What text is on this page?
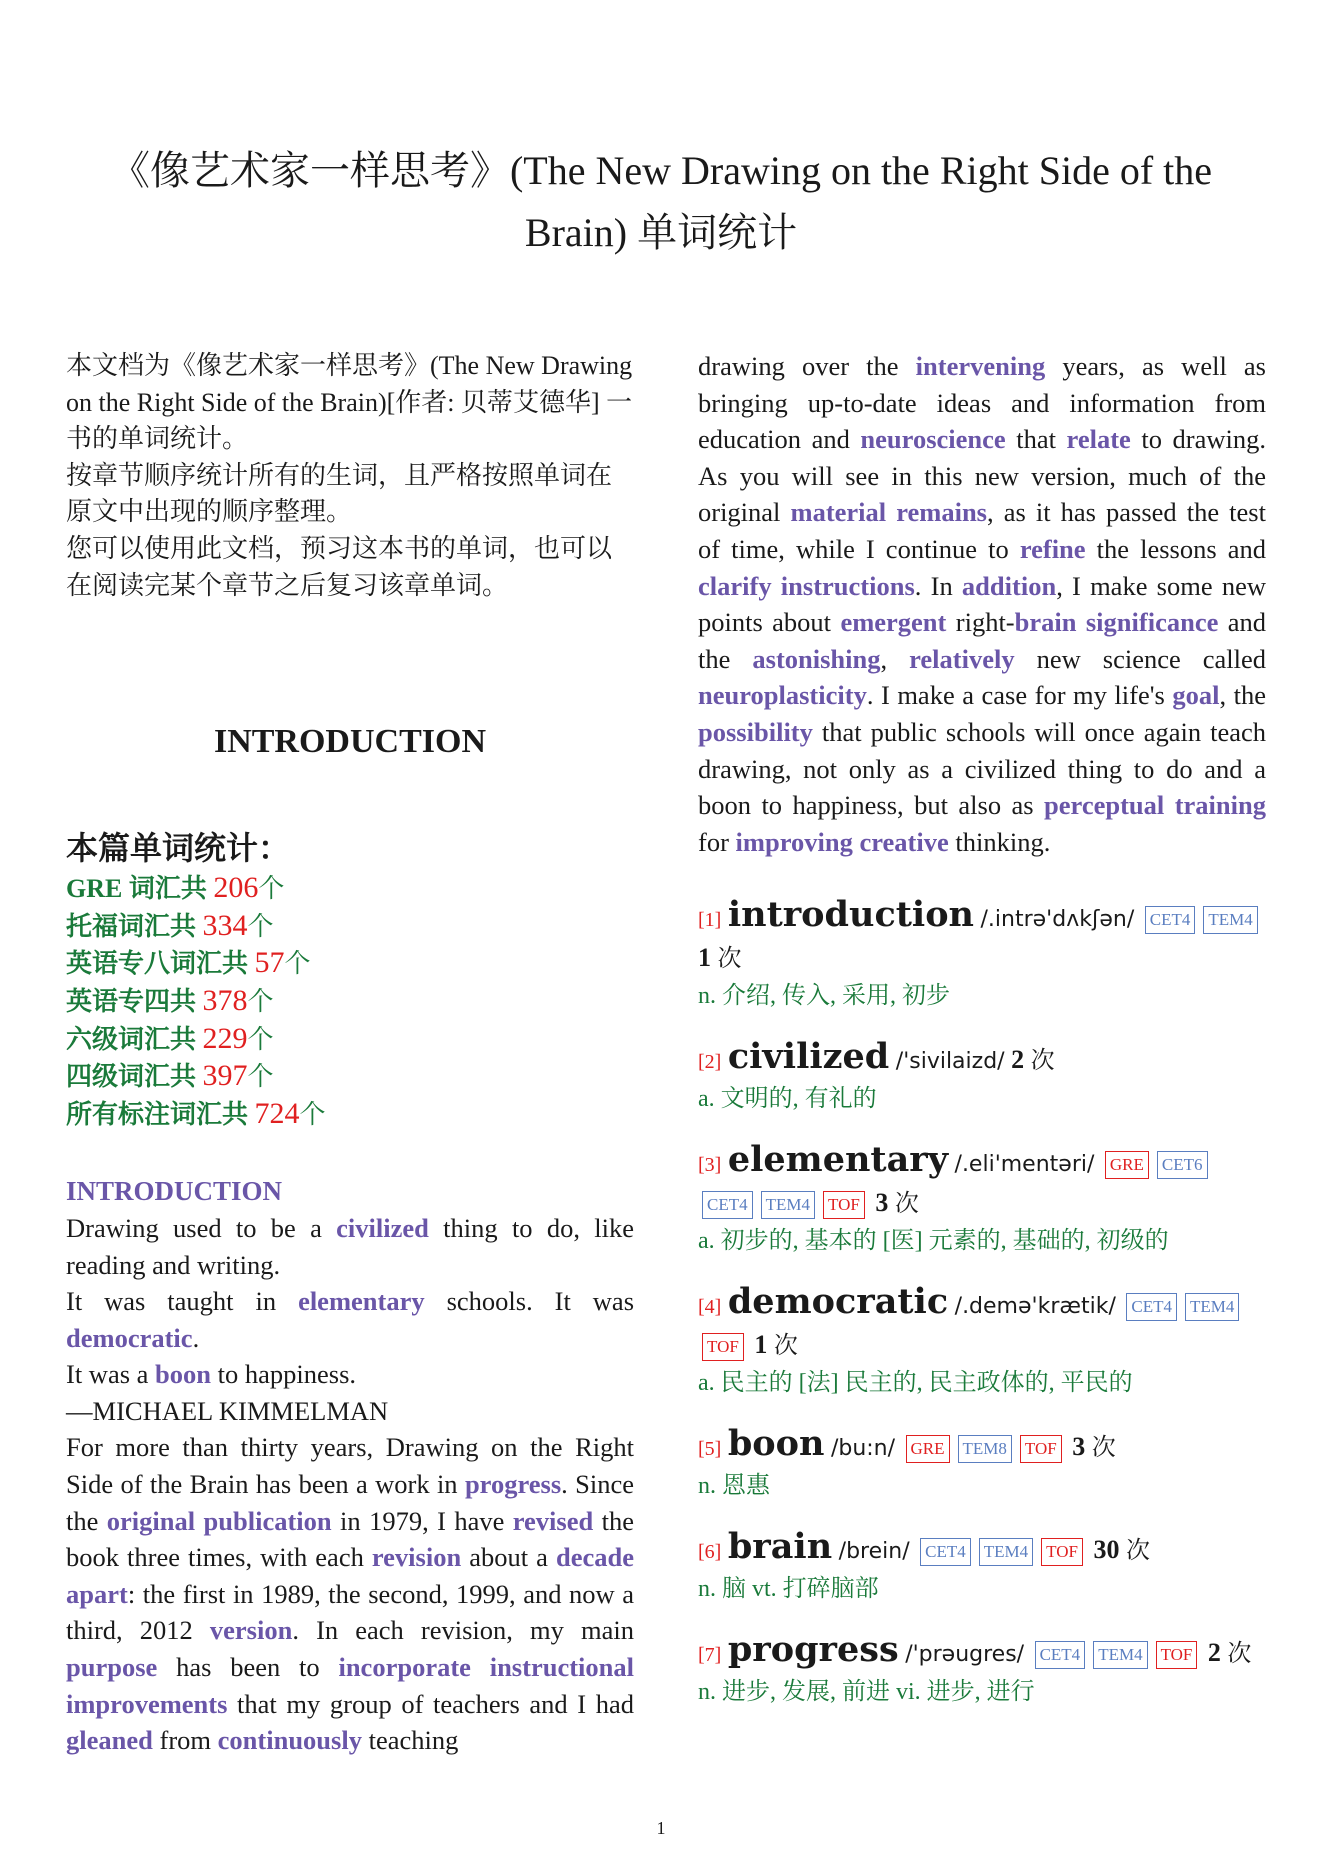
《像艺术家一样思考》(The New Drawing on the Right Side of the Brain) 单词统计

本文档为《像艺术家一样思考》(The New Drawing on the Right Side of the Brain)[作者: 贝蒂艾德华] 一书的单词统计。

按章节顺序统计所有的生词，且严格按照单词在原文中出现的顺序整理。

您可以使用此文档，预习这本书的单词，也可以在阅读完某个章节之后复习该章单词。

INTRODUCTION
本篇单词统计：
GRE 词汇共 206个
托福词汇共 334个
英语专八词汇共 57个
英语专四共 378个
六级词汇共 229个
四级词汇共 397个
所有标注词汇共 724个
INTRODUCTION

Drawing used to be a civilized thing to do, like reading and writing.

It was taught in elementary schools. It was democratic.

It was a boon to happiness.

—MICHAEL KIMMELMAN

For more than thirty years, Drawing on the Right Side of the Brain has been a work in progress. Since the original publication in 1979, I have revised the book three times, with each revision about a decade apart: the first in 1989, the second, 1999, and now a third, 2012 version. In each revision, my main purpose has been to incorporate instructional improvements that my group of teachers and I had gleaned from continuously teaching

drawing over the intervening years, as well as bringing up-to-date ideas and information from education and neuroscience that relate to drawing. As you will see in this new version, much of the original material remains, as it has passed the test of time, while I continue to refine the lessons and clarify instructions. In addition, I make some new points about emergent right-brain significance and the astonishing, relatively new science called neuroplasticity. I make a case for my life's goal, the possibility that public schools will once again teach drawing, not only as a civilized thing to do and a boon to happiness, but also as perceptual training for improving creative thinking.

[1] introduction /.intrə'dʌkʃən/ CET4 TEM4 1 次

n. 介绍, 传入, 采用, 初步

[2] civilized /'sivilaizd/ 2 次

a. 文明的, 有礼的

[3] elementary /.eli'mentəri/ GRE CET6CET4 TEM4 TOF 3 次

a. 初步的, 基本的 [医] 元素的, 基础的, 初级的

[4] democratic /.demə'krætik/ CET4 TEM4TOF 1 次

a. 民主的 [法] 民主的, 民主政体的, 平民的

[5] boon /bu:n/ GRE TEM8 TOF 3 次

n. 恩惠

[6] brain /brein/ CET4 TEM4 TOF 30 次

n. 脑 vt. 打碎脑部

[7] progress /'prəugres/ CET4 TEM4 TOF 2 次

n. 进步, 发展, 前进 vi. 进步, 进行

1
